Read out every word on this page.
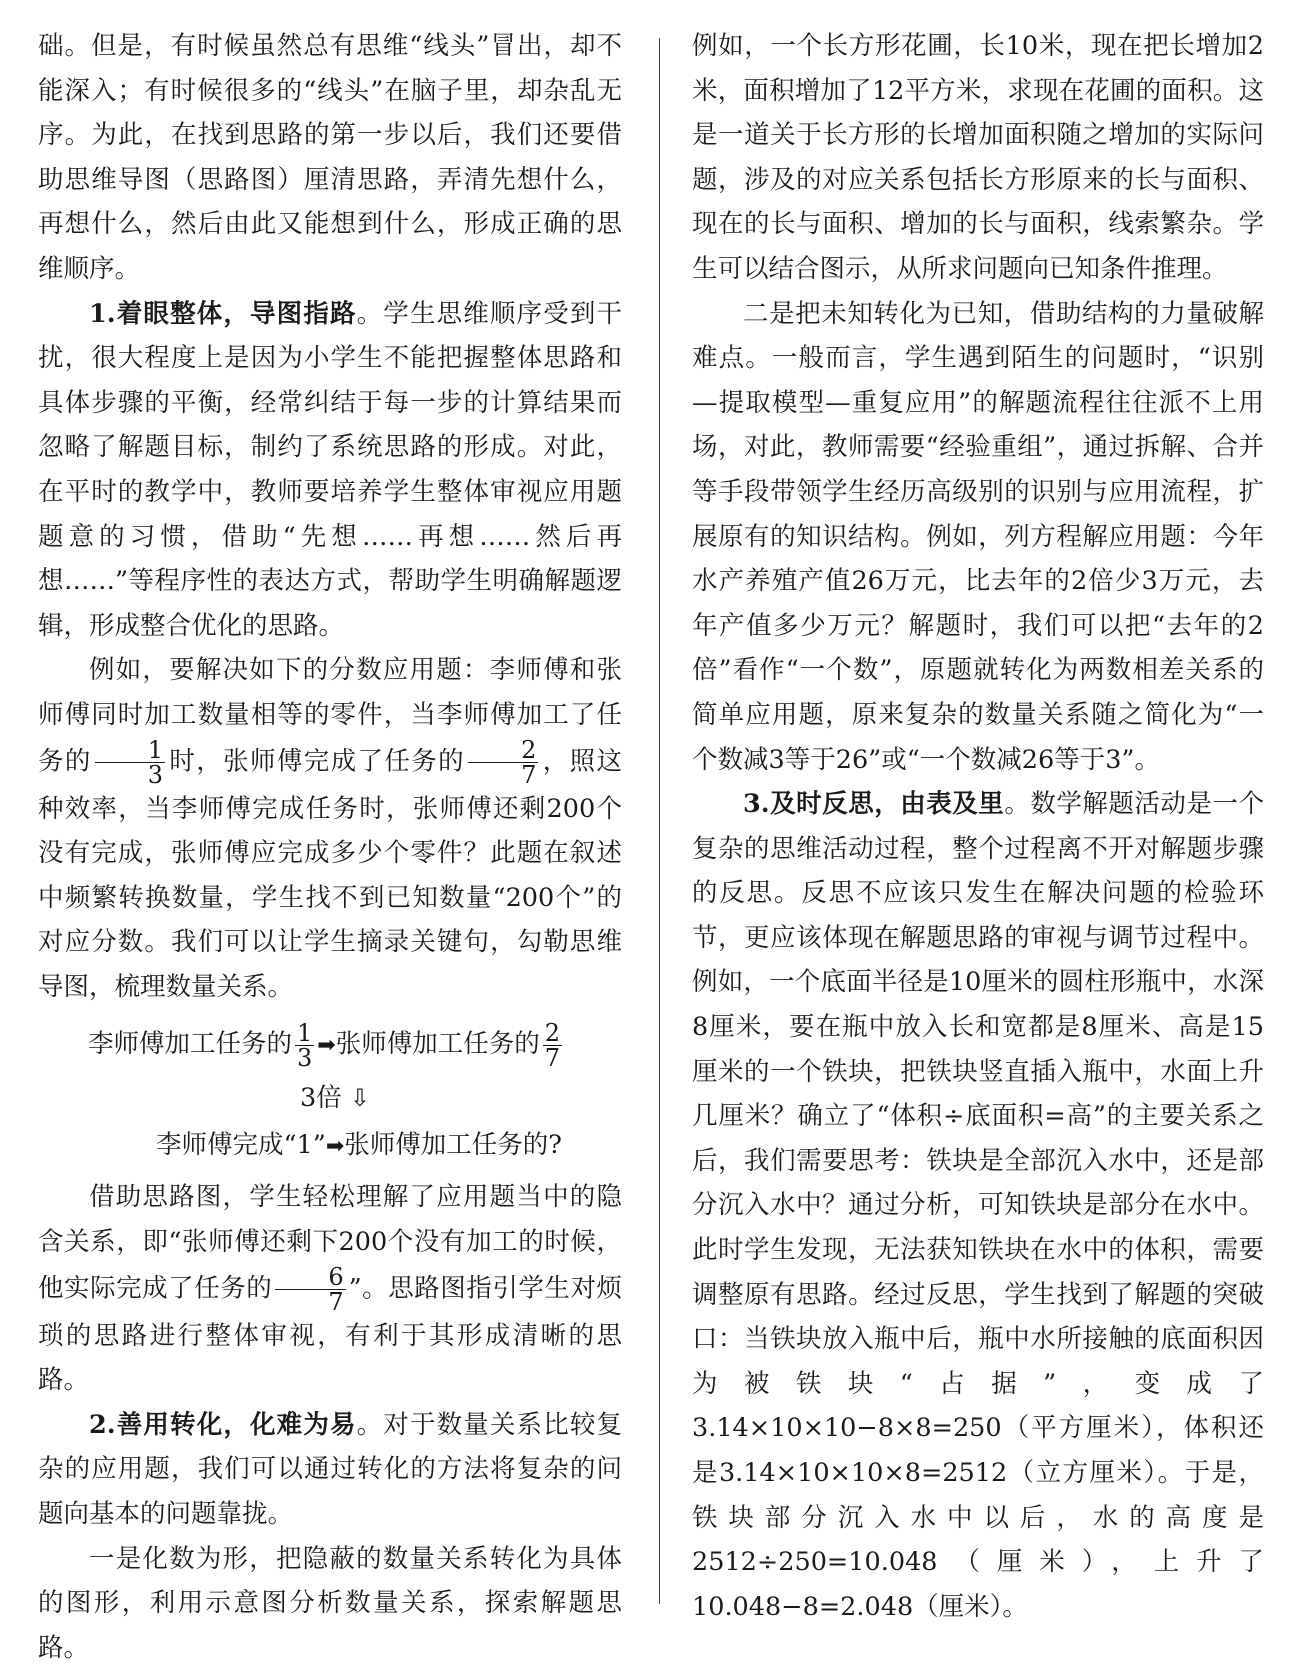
础。但是，有时候虽然总有思维“线头”冒出，却不能深入；有时候很多的“线头”在脑子里，却杂乱无序。为此，在找到思路的第一步以后，我们还要借助思维导图（思路图）厘清思路，弄清先想什么，再想什么，然后由此又能想到什么，形成正确的思维顺序。

1.着眼整体，导图指路。学生思维顺序受到干扰，很大程度上是因为小学生不能把握整体思路和具体步骤的平衡，经常纠结于每一步的计算结果而忽略了解题目标，制约了系统思路的形成。对此，在平时的教学中，教师要培养学生整体审视应用题题意的习惯，借助“先想……再想……然后再想……”等程序性的表达方式，帮助学生明确解题逻辑，形成整合优化的思路。

例如，要解决如下的分数应用题：李师傅和张师傅同时加工数量相等的零件，当李师傅加工了任务的 $\frac{1}{3}$ 时，张师傅完成了任务的 $\frac{2}{7}$ ，照这种效率，当李师傅完成任务时，张师傅还剩200个没有完成，张师傅应完成多少个零件？此题在叙述中频繁转换数量，学生找不到已知数量“200个”的对应分数。我们可以让学生摘录关键句，勾勒思维导图，梳理数量关系。

李师傅加工任务的 $\frac{1}{3}$ ➡张师傅加工任务的 $\frac{2}{7}$
3倍 ⇩
李师傅完成“1”➡张师傅加工任务的?

借助思路图，学生轻松理解了应用题当中的隐含关系，即“张师傅还剩下200个没有加工的时候，他实际完成了任务的 $\frac{6}{7}$ ”。思路图指引学生对烦琐的思路进行整体审视，有利于其形成清晰的思路。

2.善用转化，化难为易。对于数量关系比较复杂的应用题，我们可以通过转化的方法将复杂的问题向基本的问题靠拢。

一是化数为形，把隐蔽的数量关系转化为具体的图形，利用示意图分析数量关系，探索解题思路。

例如，一个长方形花圃，长10米，现在把长增加2米，面积增加了12平方米，求现在花圃的面积。这是一道关于长方形的长增加面积随之增加的实际问题，涉及的对应关系包括长方形原来的长与面积、现在的长与面积、增加的长与面积，线索繁杂。学生可以结合图示，从所求问题向已知条件推理。

二是把未知转化为已知，借助结构的力量破解难点。一般而言，学生遇到陌生的问题时，“识别—提取模型—重复应用”的解题流程往往派不上用场，对此，教师需要“经验重组”，通过拆解、合并等手段带领学生经历高级别的识别与应用流程，扩展原有的知识结构。例如，列方程解应用题：今年水产养殖产值26万元，比去年的2倍少3万元，去年产值多少万元？解题时，我们可以把“去年的2倍”看作“一个数”，原题就转化为两数相差关系的简单应用题，原来复杂的数量关系随之简化为“一个数减3等于26”或“一个数减26等于3”。

3.及时反思，由表及里。数学解题活动是一个复杂的思维活动过程，整个过程离不开对解题步骤的反思。反思不应该只发生在解决问题的检验环节，更应该体现在解题思路的审视与调节过程中。例如，一个底面半径是10厘米的圆柱形瓶中，水深8厘米，要在瓶中放入长和宽都是8厘米、高是15厘米的一个铁块，把铁块竖直插入瓶中，水面上升几厘米？确立了“体积÷底面积=高”的主要关系之后，我们需要思考：铁块是全部沉入水中，还是部分沉入水中？通过分析，可知铁块是部分在水中。此时学生发现，无法获知铁块在水中的体积，需要调整原有思路。经过反思，学生找到了解题的突破口：当铁块放入瓶中后，瓶中水所接触的底面积因为被铁块“占据”，变成了3.14×10×10−8×8=250（平方厘米），体积还是3.14×10×10×8=2512（立方厘米）。于是，铁块部分沉入水中以后，水的高度是2512÷250=10.048（厘米），上升了10.048−8=2.048（厘米）。
